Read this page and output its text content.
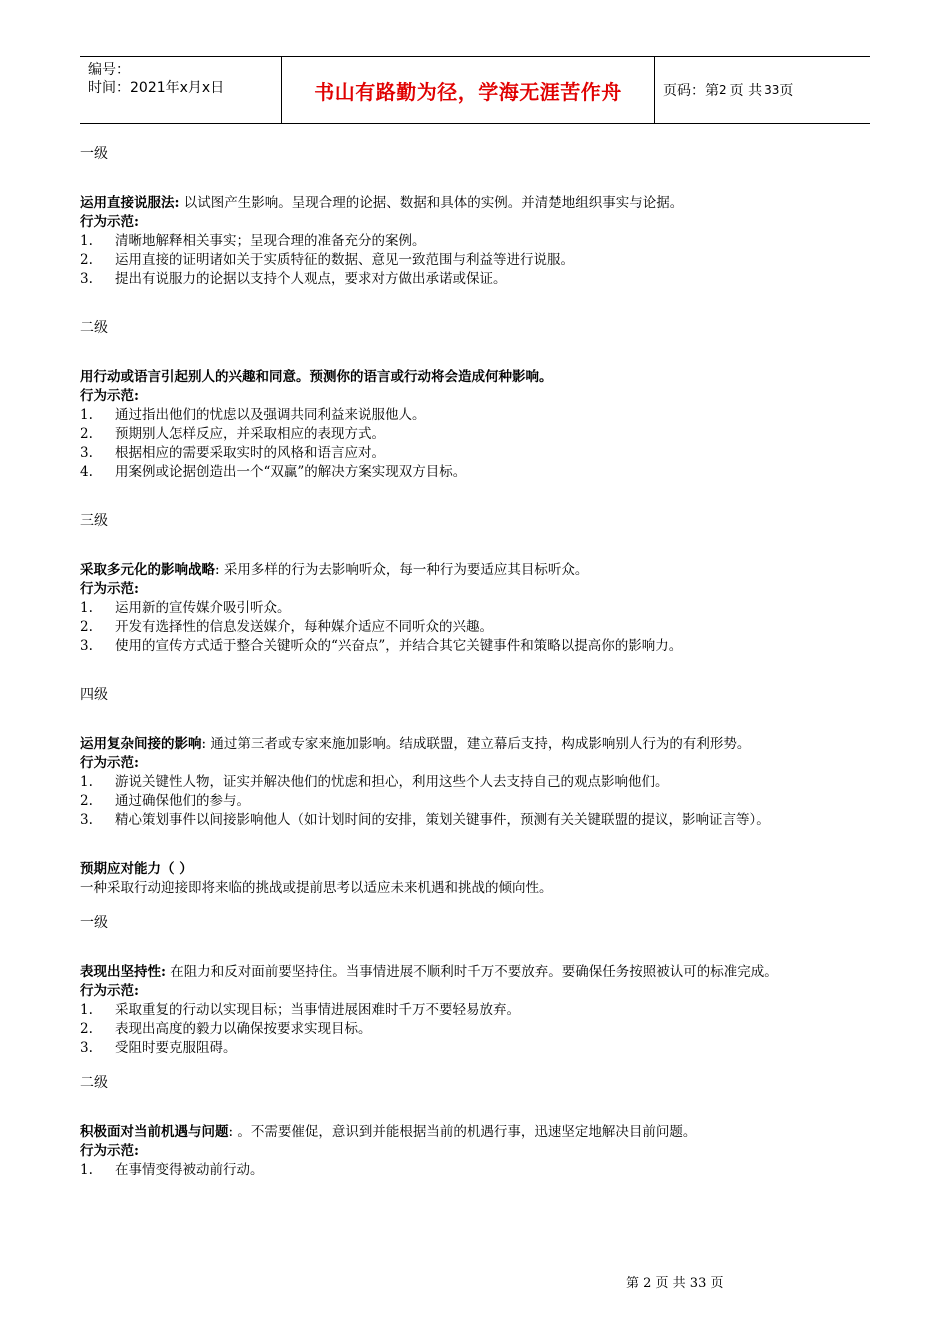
编号：
时间：2021年x月x日	书山有路勤为径，学海无涯苦作舟	页码：第 2 页 共 33 页

一级

运用直接说服法: 以试图产生影响。呈现合理的论据、数据和具体的实例。并清楚地组织事实与论据。

行为示范:

1. 清晰地解释相关事实；呈现合理的准备充分的案例。
2. 运用直接的证明诸如关于实质特征的数据、意见一致范围与利益等进行说服。
3. 提出有说服力的论据以支持个人观点，要求对方做出承诺或保证。

二级

用行动或语言引起别人的兴趣和同意。预测你的语言或行动将会造成何种影响。

行为示范:

1. 通过指出他们的忧虑以及强调共同利益来说服他人。
2. 预期别人怎样反应，并采取相应的表现方式。
3. 根据相应的需要采取实时的风格和语言应对。
4. 用案例或论据创造出一个“双赢”的解决方案实现双方目标。

三级

采取多元化的影响战略: 采用多样的行为去影响听众，每一种行为要适应其目标听众。

行为示范:

1. 运用新的宣传媒介吸引听众。
2. 开发有选择性的信息发送媒介，每种媒介适应不同听众的兴趣。
3. 使用的宣传方式适于整合关键听众的“兴奋点”，并结合其它关键事件和策略以提高你的影响力。

四级

运用复杂间接的影响: 通过第三者或专家来施加影响。结成联盟，建立幕后支持，构成影响别人行为的有利形势。

行为示范:

1. 游说关键性人物，证实并解决他们的忧虑和担心，利用这些个人去支持自己的观点影响他们。
2. 通过确保他们的参与。
3. 精心策划事件以间接影响他人（如计划时间的安排，策划关键事件，预测有关关键联盟的提议，影响证言等）。

预期应对能力（ ）

一种采取行动迎接即将来临的挑战或提前思考以适应未来机遇和挑战的倾向性。

一级

表现出坚持性: 在阻力和反对面前要坚持住。当事情进展不顺利时千万不要放弃。要确保任务按照被认可的标准完成。

行为示范:

1. 采取重复的行动以实现目标；当事情进展困难时千万不要轻易放弃。
2. 表现出高度的毅力以确保按要求实现目标。
3. 受阻时要克服阻碍。

二级

积极面对当前机遇与问题: 。不需要催促，意识到并能根据当前的机遇行事，迅速坚定地解决目前问题。

行为示范:

1. 在事情变得被动前行动。
第 2 页 共 33 页
